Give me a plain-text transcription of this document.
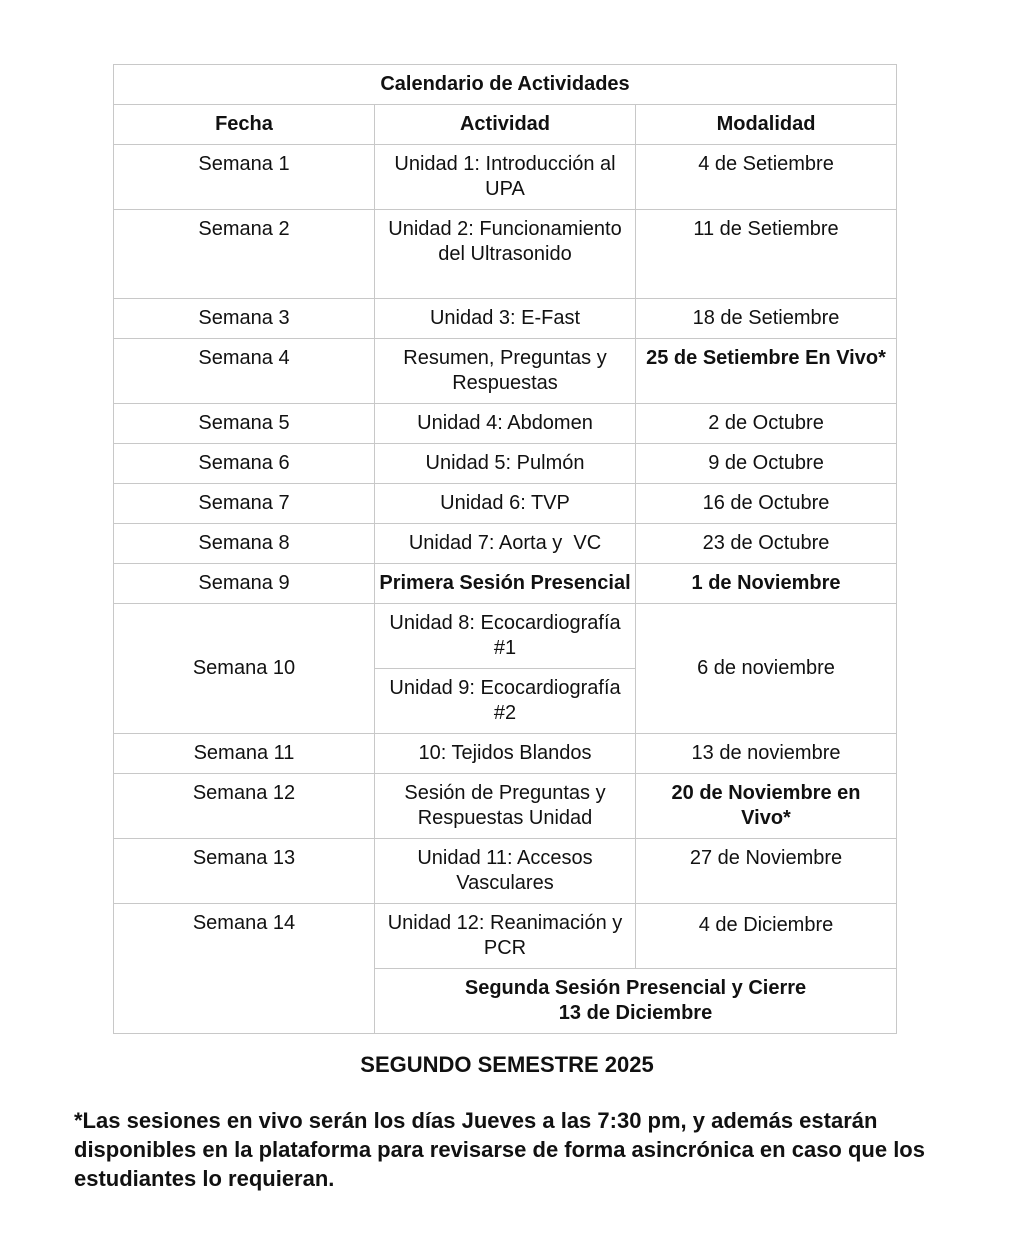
Calendario de Actividades		
Fecha	Actividad	Modalidad
Semana 1	Unidad 1: Introducción al UPA	4 de Setiembre
Semana 2	Unidad 2: Funcionamiento del Ultrasonido	11 de Setiembre
Semana 3	Unidad 3: E-Fast	18 de Setiembre
Semana 4	Resumen, Preguntas y Respuestas	25 de Setiembre En Vivo*
Semana 5	Unidad 4: Abdomen	2 de Octubre
Semana 6	Unidad 5: Pulmón	9 de Octubre
Semana 7	Unidad 6: TVP	16 de Octubre
Semana 8	Unidad 7: Aorta y  VC	23 de Octubre
Semana 9	Primera Sesión Presencial	1 de Noviembre
Semana 10	Unidad 8: Ecocardiografía #1	6 de noviembre
	Unidad 9: Ecocardiografía #2	
Semana 11	10: Tejidos Blandos	13 de noviembre
Semana 12	Sesión de Preguntas y Respuestas Unidad	20 de Noviembre en Vivo*
Semana 13	Unidad 11: Accesos Vasculares	27 de Noviembre
Semana 14	Unidad 12: Reanimación y PCR	4 de Diciembre

	Segunda Sesión Presencial y Cierre
13 de Diciembre	
SEGUNDO SEMESTRE 2025
*Las sesiones en vivo serán los días Jueves a las 7:30 pm, y además estarán disponibles en la plataforma para revisarse de forma asincrónica en caso que los estudiantes lo requieran.
